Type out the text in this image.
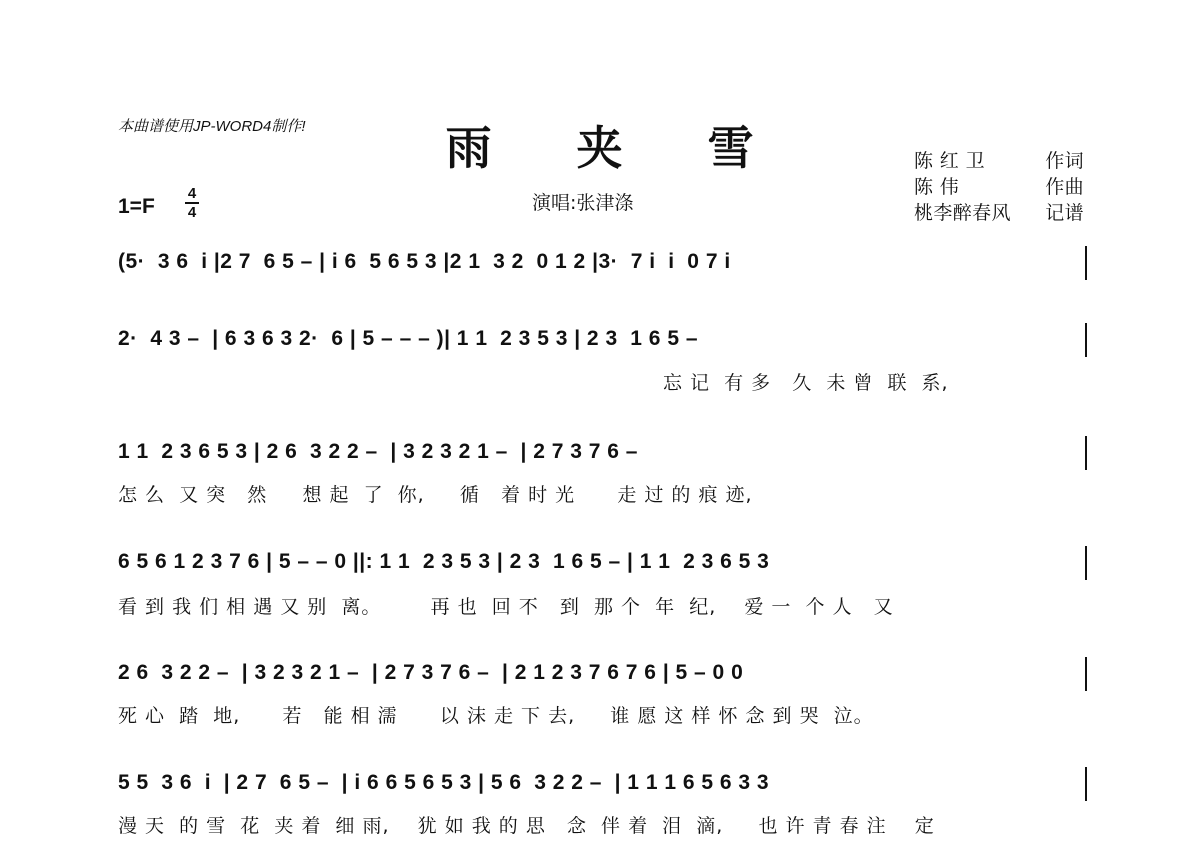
本曲谱使用JP-WORD4制作!	雨 夹 雪	陈 红 卫	作词
陈 伟	作曲
桃李醉春风 记谱
演唱:张津涤
1=F
4
4
(5·  3 6  i |2 7  6 5 – | i 6  5 6 5 3 |2 1  3 2  0 1 2 |3·  7 i  i  0 7 i
2·  4 3 –  | 6 3 6 3 2·  6 | 5 – – – )| 1 1  2 3 5 3 | 2 3  1 6 5 –
忘 记  有 多   久  未 曾  联  系,
1 1  2 3 6 5 3 | 2 6  3 2 2 –  | 3 2 3 2 1 –  | 2 7 3 7 6 –
怎 么  又 突   然     想 起  了  你,     循   着 时 光      走 过 的 痕 迹,
6 5 6 1 2 3 7 6 | 5 – – 0 ||: 1 1  2 3 5 3 | 2 3  1 6 5 – | 1 1  2 3 6 5 3
看 到 我 们 相 遇 又 别  离。       再 也  回 不   到  那 个  年  纪,    爱 一  个 人   又
2 6  3 2 2 –  | 3 2 3 2 1 –  | 2 7 3 7 6 –  | 2 1 2 3 7 6 7 6 | 5 – 0 0
死 心  踏  地,      若   能 相 濡      以 沫 走 下 去,     谁 愿 这 样 怀 念 到 哭  泣。
5 5  3 6  i  | 2 7  6 5 –  | i 6 6 5 6 5 3 | 5 6  3 2 2 –  | 1 1 1 6 5 6 3 3
漫 天  的 雪  花  夹 着  细 雨,    犹 如 我 的 思   念  伴 着  泪  滴,     也 许 青 春 注    定
